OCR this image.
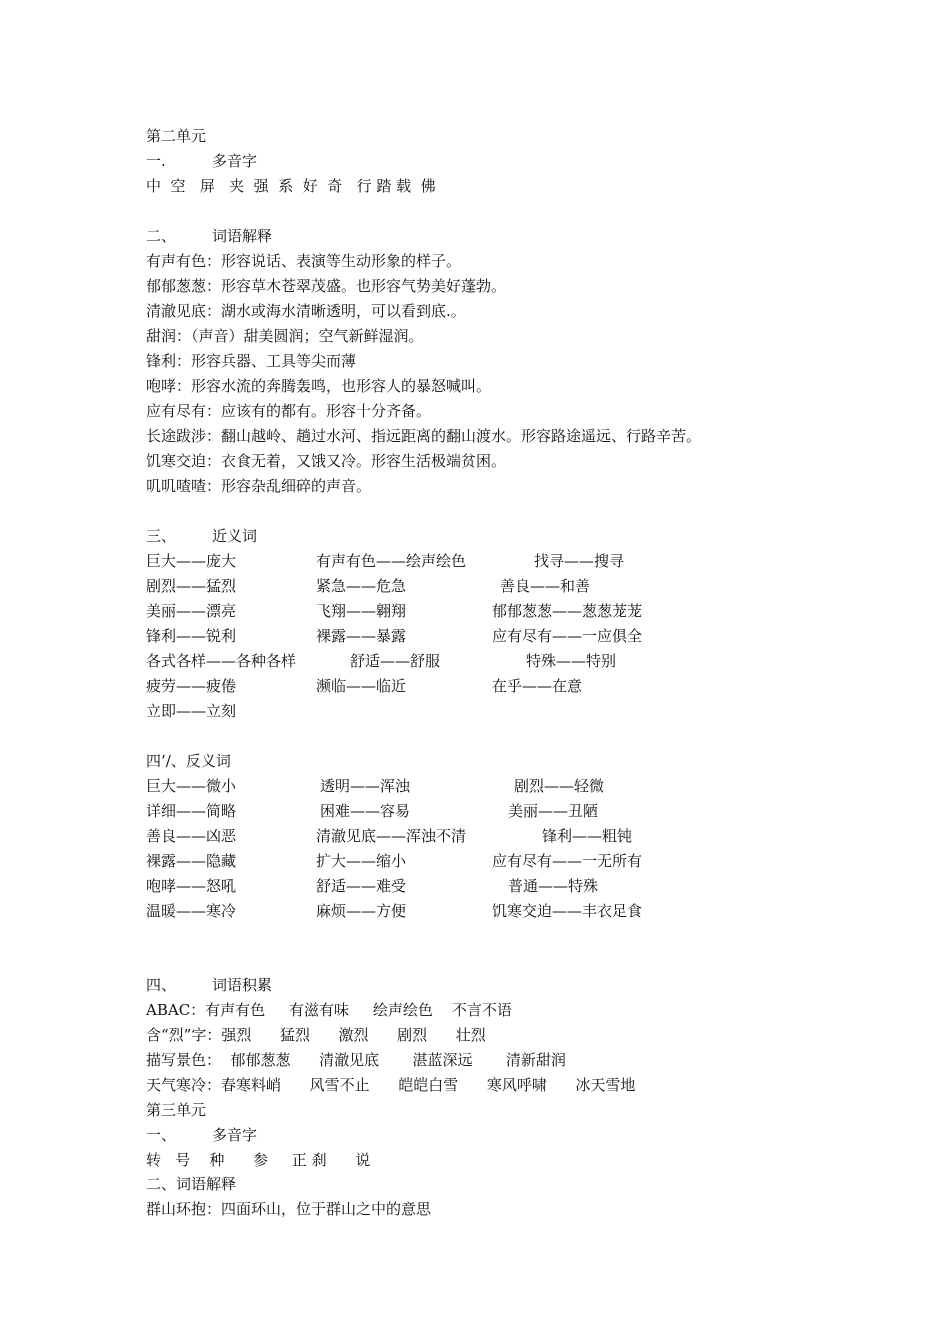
第二单元
一.	多音字
中  空   屏   夹  强  系  好  奇   行 踏 载  佛
二、 词语解释
有声有色：形容说话、表演等生动形象的样子。
郁郁葱葱：形容草木苍翠茂盛。也形容气势美好蓬勃。
清澈见底：湖水或海水清晰透明，可以看到底.。
甜润：（声音）甜美圆润；空气新鲜湿润。
锋利：形容兵器、工具等尖而薄
咆哮：形容水流的奔腾轰鸣，也形容人的暴怒喊叫。
应有尽有：应该有的都有。形容十分齐备。
长途跋涉：翻山越岭、趟过水河、指远距离的翻山渡水。形容路途遥远、行路辛苦。
饥寒交迫：衣食无着，又饿又冷。形容生活极端贫困。
叽叽喳喳：形容杂乱细碎的声音。
三、 近义词
巨大——庞大	有声有色——绘声绘色	找寻——搜寻
剧烈——猛烈	紧急——危急	善良——和善
美丽——漂亮	飞翔——翱翔	郁郁葱葱——葱葱茏茏
锋利——锐利	裸露——暴露	应有尽有——一应俱全
各式各样——各种各样	舒适——舒服	特殊——特别
疲劳——疲倦	濒临——临近	在乎——在意
立即——立刻
四’/、反义词
巨大——微小	透明——浑浊	剧烈——轻微
详细——简略	困难——容易	美丽——丑陋
善良——凶恶	清澈见底——浑浊不清	锋利——粗钝
裸露——隐藏	扩大——缩小	应有尽有——一无所有
咆哮——怒吼	舒适——难受	普通——特殊
温暖——寒冷	麻烦——方便	饥寒交迫——丰衣足食
四、 词语积累
ABAC：有声有色     有滋有味     绘声绘色    不言不语
含“烈”字：强烈      猛烈      激烈      剧烈      壮烈
描写景色：  郁郁葱葱      清澈见底       湛蓝深远       清新甜润
天气寒冷：春寒料峭      风雪不止      皑皑白雪      寒风呼啸      冰天雪地
第三单元
一、 多音字
转   号    种      参     正 刹      说
二、词语解释
群山环抱：四面环山，位于群山之中的意思
